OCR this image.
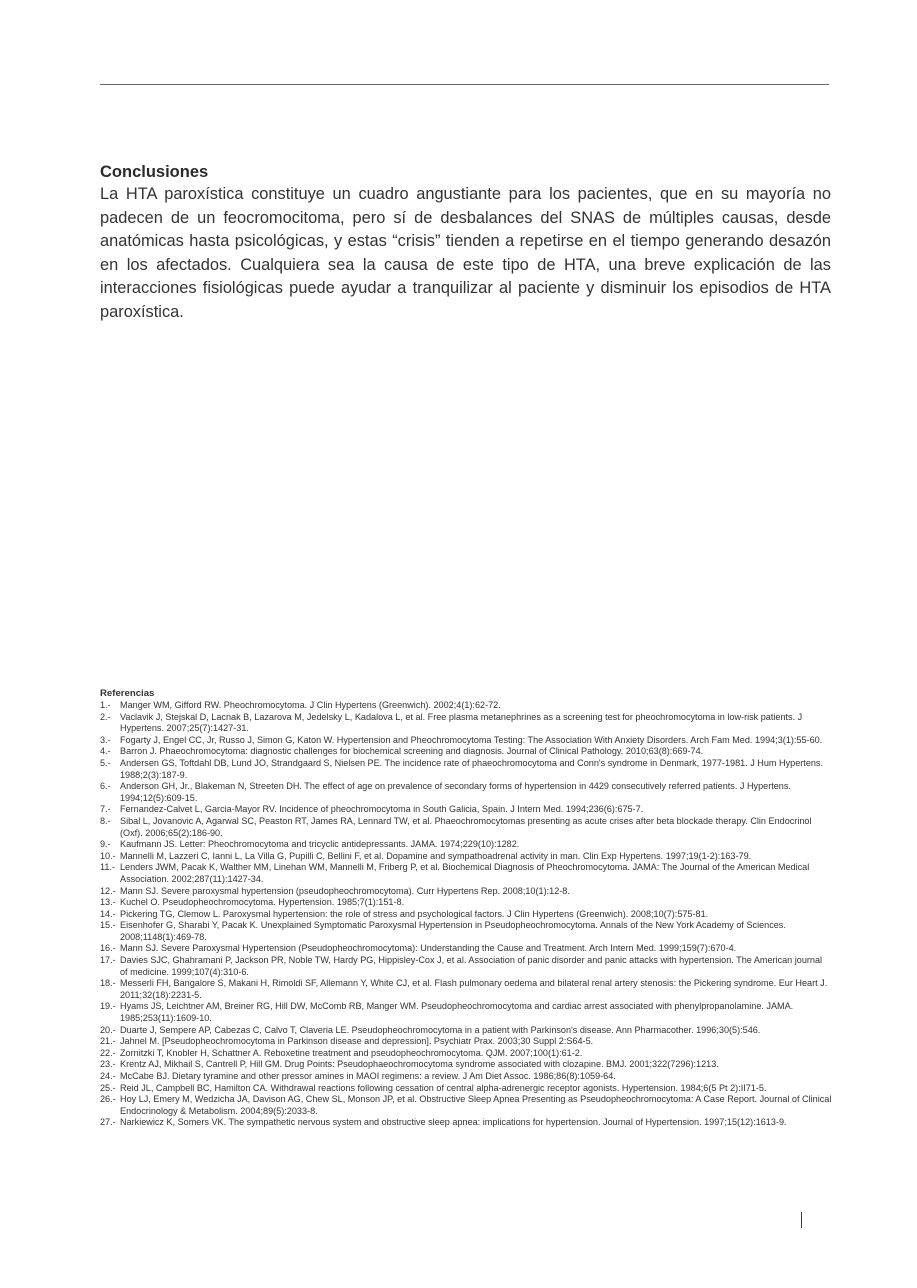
Conclusiones

La HTA paroxística constituye un cuadro angustiante para los pacientes, que en su mayoría no padecen de un feocromocitoma, pero sí de desbalances del SNAS de múltiples causas, desde anatómicas hasta psicológicas, y estas “crisis” tienden a repetirse en el tiempo generando desazón en los afectados. Cualquiera sea la causa de este tipo de HTA, una breve explicación de las interacciones fisiológicas puede ayudar a tranquilizar al paciente y disminuir los episodios de HTA paroxística.

Referencias
1.- Manger WM, Gifford RW. Pheochromocytoma. J Clin Hypertens (Greenwich). 2002;4(1):62-72.
2.- Vaclavik J, Stejskal D, Lacnak B, Lazarova M, Jedelsky L, Kadalova L, et al. Free plasma metanephrines as a screening test for pheochromocytoma in low-risk patients. J Hypertens. 2007;25(7):1427-31.
3.- Fogarty J, Engel CC, Jr, Russo J, Simon G, Katon W. Hypertension and Pheochromocytoma Testing: The Association With Anxiety Disorders. Arch Fam Med. 1994;3(1):55-60.
4.- Barron J. Phaeochromocytoma: diagnostic challenges for biochemical screening and diagnosis. Journal of Clinical Pathology. 2010;63(8):669-74.
5.- Andersen GS, Toftdahl DB, Lund JO, Strandgaard S, Nielsen PE. The incidence rate of phaeochromocytoma and Conn's syndrome in Denmark, 1977-1981. J Hum Hypertens. 1988;2(3):187-9.
6.- Anderson GH, Jr., Blakeman N, Streeten DH. The effect of age on prevalence of secondary forms of hypertension in 4429 consecutively referred patients. J Hypertens. 1994;12(5):609-15.
7.- Fernandez-Calvet L, Garcia-Mayor RV. Incidence of pheochromocytoma in South Galicia, Spain. J Intern Med. 1994;236(6):675-7.
8.- Sibal L, Jovanovic A, Agarwal SC, Peaston RT, James RA, Lennard TW, et al. Phaeochromocytomas presenting as acute crises after beta blockade therapy. Clin Endocrinol (Oxf). 2006;65(2):186-90.
9.- Kaufmann JS. Letter: Pheochromocytoma and tricyclic antidepressants. JAMA. 1974;229(10):1282.
10.- Mannelli M, Lazzeri C, Ianni L, La Villa G, Pupilli C, Bellini F, et al. Dopamine and sympathoadrenal activity in man. Clin Exp Hypertens. 1997;19(1-2):163-79.
11.- Lenders JWM, Pacak K, Walther MM, Linehan WM, Mannelli M, Friberg P, et al. Biochemical Diagnosis of Pheochromocytoma. JAMA: The Journal of the American Medical Association. 2002;287(11):1427-34.
12.- Mann SJ. Severe paroxysmal hypertension (pseudopheochromocytoma). Curr Hypertens Rep. 2008;10(1):12-8.
13.- Kuchel O. Pseudopheochromocytoma. Hypertension. 1985;7(1):151-8.
14.- Pickering TG, Clemow L. Paroxysmal hypertension: the role of stress and psychological factors. J Clin Hypertens (Greenwich). 2008;10(7):575-81.
15.- Eisenhofer G, Sharabi Y, Pacak K. Unexplained Symptomatic Paroxysmal Hypertension in Pseudopheochromocytoma. Annals of the New York Academy of Sciences. 2008;1148(1):469-78.
16.- Mann SJ. Severe Paroxysmal Hypertension (Pseudopheochromocytoma): Understanding the Cause and Treatment. Arch Intern Med. 1999;159(7):670-4.
17.- Davies SJC, Ghahramani P, Jackson PR, Noble TW, Hardy PG, Hippisley-Cox J, et al. Association of panic disorder and panic attacks with hypertension. The American journal of medicine. 1999;107(4):310-6.
18.- Messerli FH, Bangalore S, Makani H, Rimoldi SF, Allemann Y, White CJ, et al. Flash pulmonary oedema and bilateral renal artery stenosis: the Pickering syndrome. Eur Heart J. 2011;32(18):2231-5.
19.- Hyams JS, Leichtner AM, Breiner RG, Hill DW, McComb RB, Manger WM. Pseudopheochromocytoma and cardiac arrest associated with phenylpropanolamine. JAMA. 1985;253(11):1609-10.
20.- Duarte J, Sempere AP, Cabezas C, Calvo T, Claveria LE. Pseudopheochromocytoma in a patient with Parkinson's disease. Ann Pharmacother. 1996;30(5):546.
21.- Jahnel M. [Pseudopheochromocytoma in Parkinson disease and depression]. Psychiatr Prax. 2003;30 Suppl 2:S64-5.
22.- Zornitzki T, Knobler H, Schattner A. Reboxetine treatment and pseudopheochromocytoma. QJM. 2007;100(1):61-2.
23.- Krentz AJ, Mikhail S, Cantrell P, Hill GM. Drug Points: Pseudophaeochromocytoma syndrome associated with clozapine. BMJ. 2001;322(7296):1213.
24.- McCabe BJ. Dietary tyramine and other pressor amines in MAOI regimens: a review. J Am Diet Assoc. 1986;86(8):1059-64.
25.- Reid JL, Campbell BC, Hamilton CA. Withdrawal reactions following cessation of central alpha-adrenergic receptor agonists. Hypertension. 1984;6(5 Pt 2):II71-5.
26.- Hoy LJ, Emery M, Wedzicha JA, Davison AG, Chew SL, Monson JP, et al. Obstructive Sleep Apnea Presenting as Pseudopheochromocytoma: A Case Report. Journal of Clinical Endocrinology & Metabolism. 2004;89(5):2033-8.
27.- Narkiewicz K, Somers VK. The sympathetic nervous system and obstructive sleep apnea: implications for hypertension. Journal of Hypertension. 1997;15(12):1613-9.
